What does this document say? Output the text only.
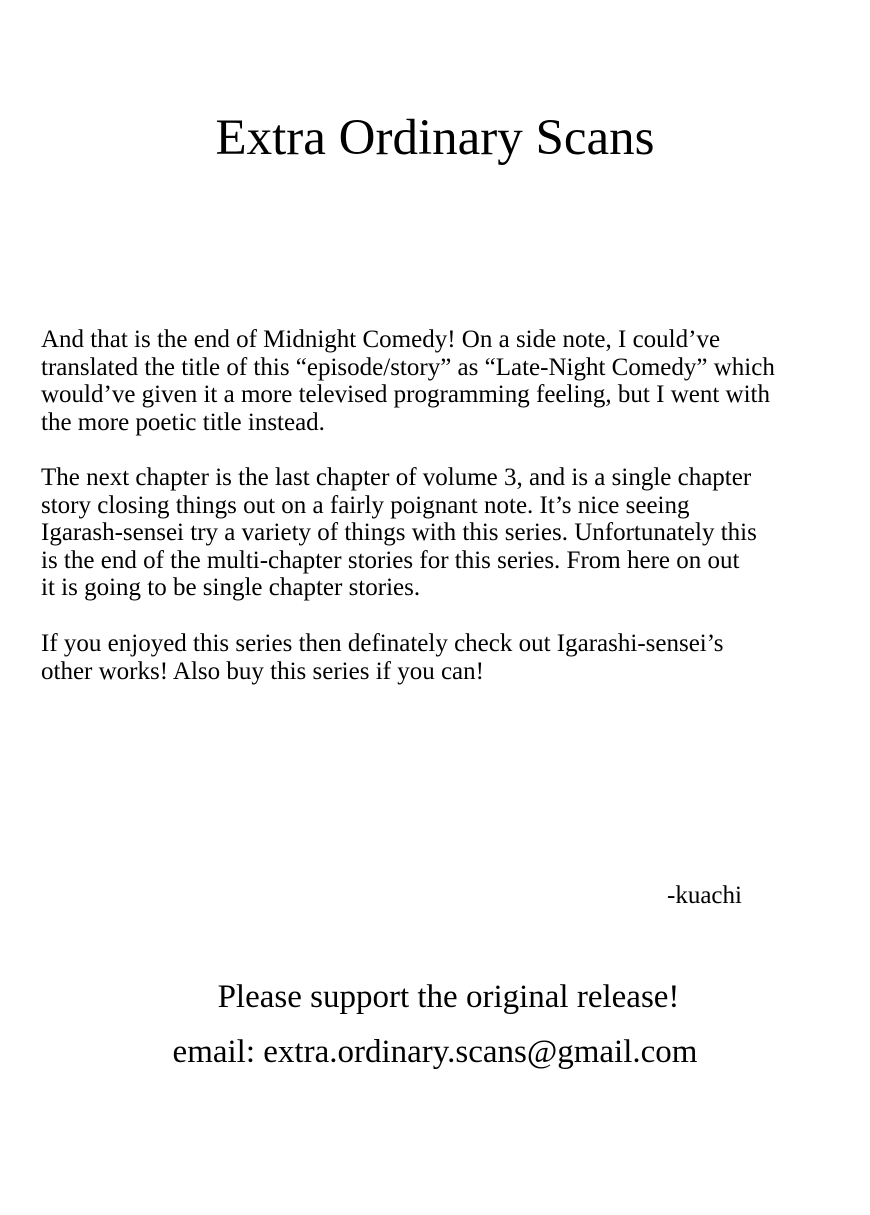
Extra Ordinary Scans

And that is the end of Midnight Comedy! On a side note, I could’ve
translated the title of this “episode/story” as “Late-Night Comedy” which
would’ve given it a more televised programming feeling, but I went with
the more poetic title instead.

The next chapter is the last chapter of volume 3, and is a single chapter
story closing things out on a fairly poignant note. It’s nice seeing
Igarash-sensei try a variety of things with this series. Unfortunately this
is the end of the multi-chapter stories for this series. From here on out
it is going to be single chapter stories.

If you enjoyed this series then definately check out Igarashi-sensei’s
other works! Also buy this series if you can!

-kuachi

Please support the original release!

email: extra.ordinary.scans@gmail.com
